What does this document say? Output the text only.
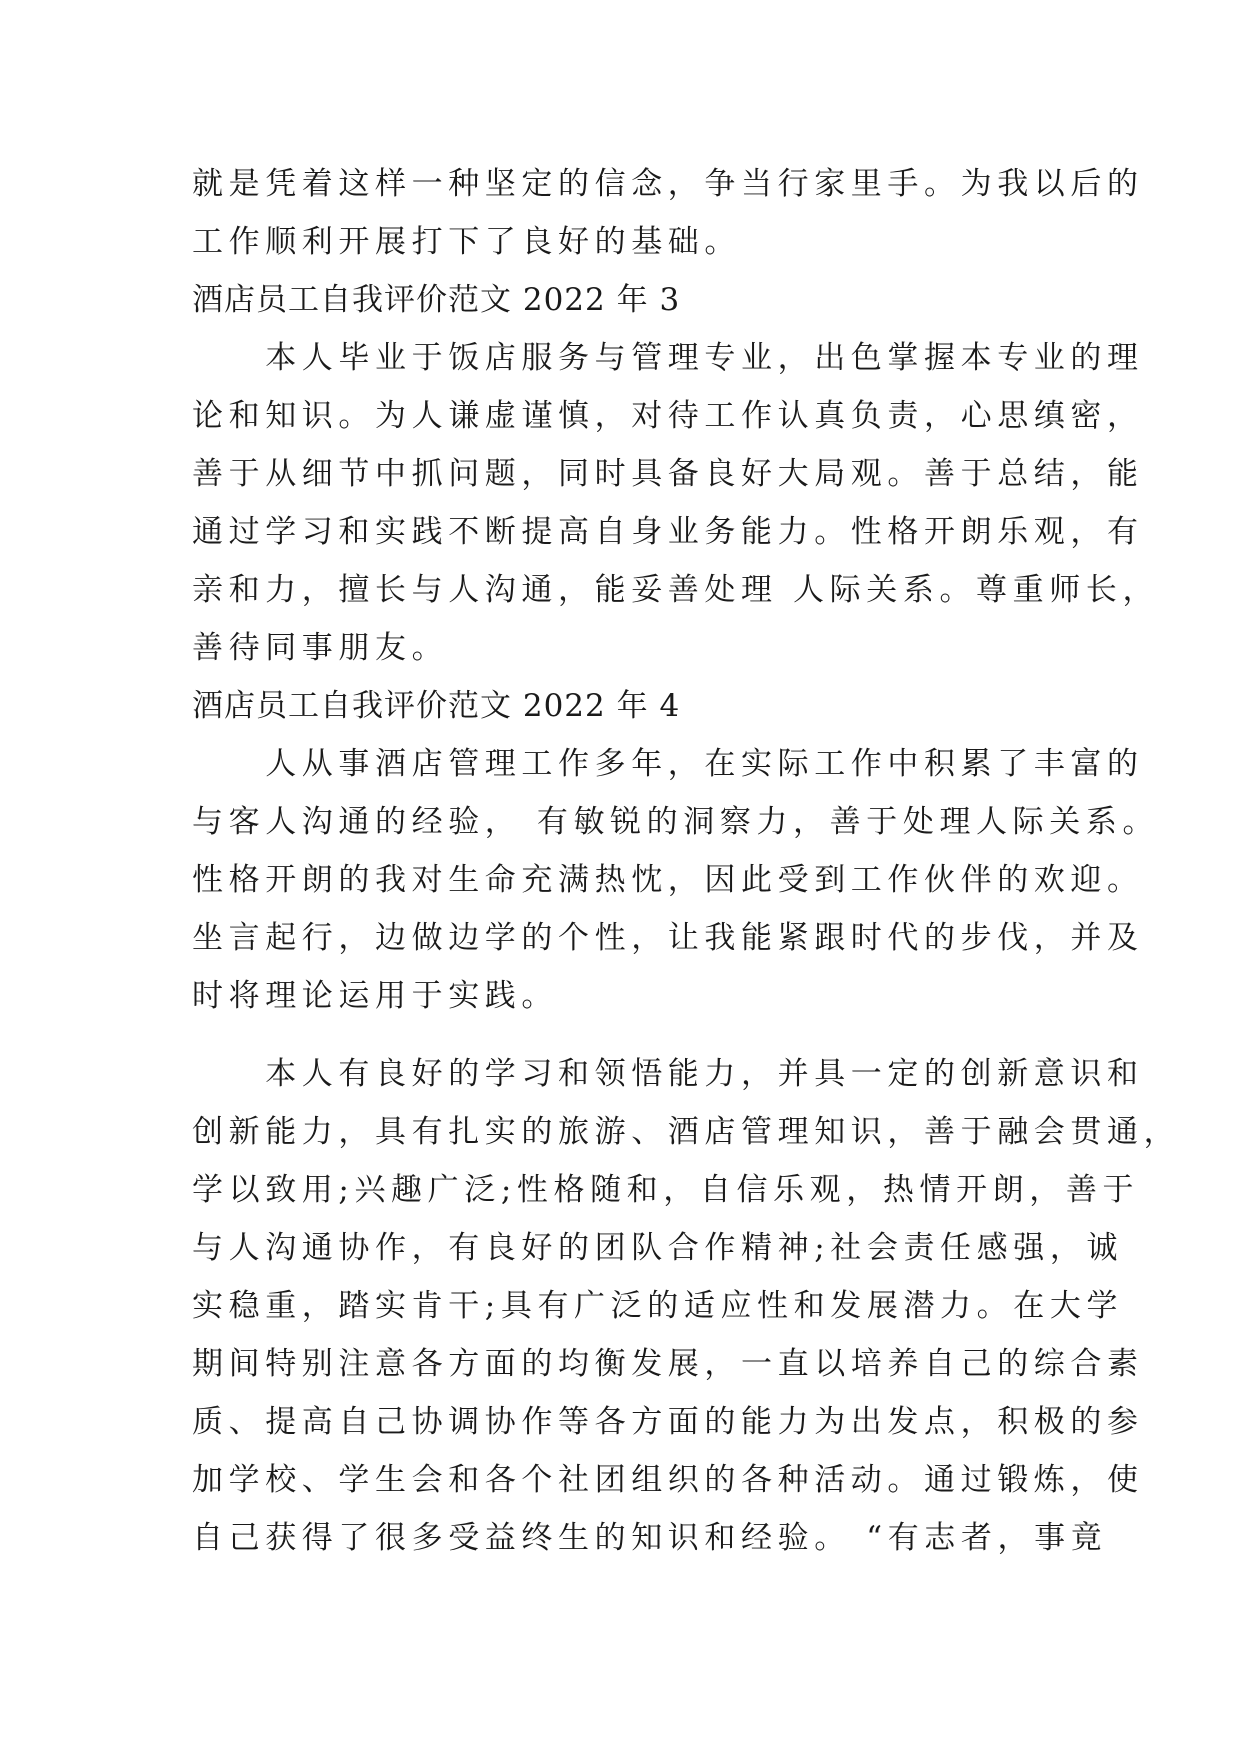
就是凭着这样一种坚定的信念，争当行家里手。为我以后的
工作顺利开展打下了良好的基础。
酒店员工自我评价范文 2022 年 3
　　本人毕业于饭店服务与管理专业，出色掌握本专业的理
论和知识。为人谦虚谨慎，对待工作认真负责，心思缜密，
善于从细节中抓问题，同时具备良好大局观。善于总结，能
通过学习和实践不断提高自身业务能力。性格开朗乐观，有
亲和力，擅长与人沟通，能妥善处理 人际关系。尊重师长，
善待同事朋友。
酒店员工自我评价范文 2022 年 4
　　人从事酒店管理工作多年，在实际工作中积累了丰富的
与客人沟通的经验， 有敏锐的洞察力，善于处理人际关系。
性格开朗的我对生命充满热忱，因此受到工作伙伴的欢迎。
坐言起行，边做边学的个性，让我能紧跟时代的步伐，并及
时将理论运用于实践。
　　本人有良好的学习和领悟能力，并具一定的创新意识和
创新能力，具有扎实的旅游、酒店管理知识，善于融会贯通，
学以致用;兴趣广泛;性格随和，自信乐观，热情开朗，善于
与人沟通协作，有良好的团队合作精神;社会责任感强，诚
实稳重，踏实肯干;具有广泛的适应性和发展潜力。在大学
期间特别注意各方面的均衡发展，一直以培养自己的综合素
质、提高自己协调协作等各方面的能力为出发点，积极的参
加学校、学生会和各个社团组织的各种活动。通过锻炼，使
自己获得了很多受益终生的知识和经验。 “有志者，事竟
